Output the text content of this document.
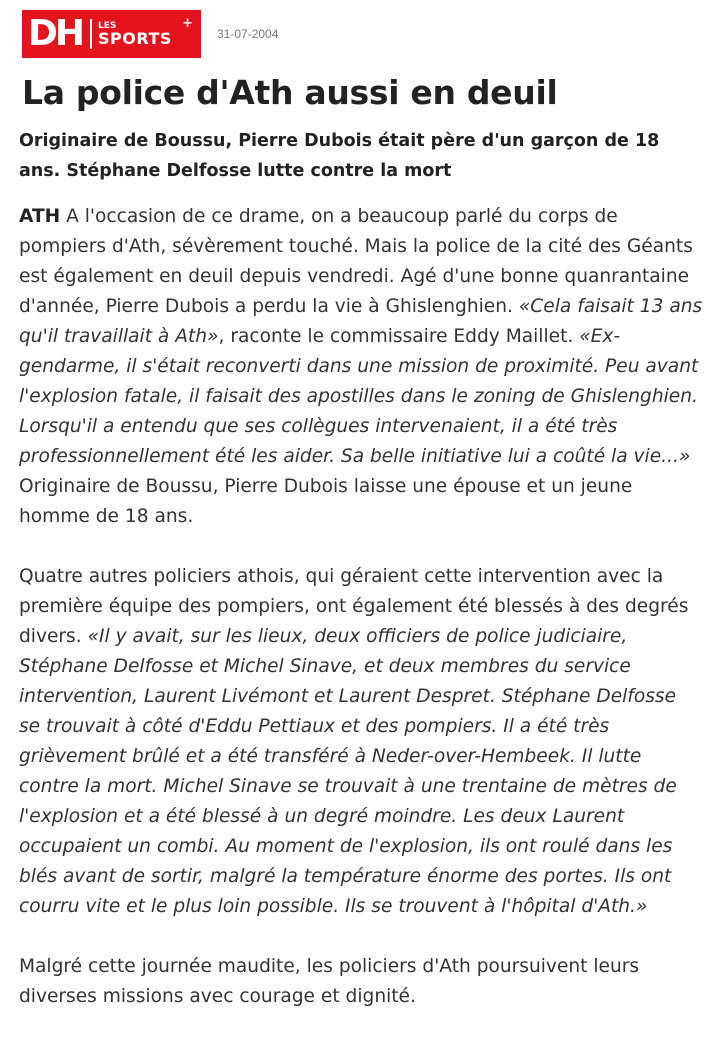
DH LES
SPORTS
+
31-07-2004
La police d'Ath aussi en deuil

Originaire de Boussu, Pierre Dubois était père d'un garçon de 18 ans. Stéphane Delfosse lutte contre la mort

ATH A l'occasion de ce drame, on a beaucoup parlé du corps de pompiers d'Ath, sévèrement touché. Mais la police de la cité des Géants est également en deuil depuis vendredi. Agé d'une bonne quanrantaine d'année, Pierre Dubois a perdu la vie à Ghislenghien. «Cela faisait 13 ans qu'il travaillait à Ath», raconte le commissaire Eddy Maillet. «Ex-gendarme, il s'était reconverti dans une mission de proximité. Peu avant l'explosion fatale, il faisait des apostilles dans le zoning de Ghislenghien. Lorsqu'il a entendu que ses collègues intervenaient, il a été très professionnellement été les aider. Sa belle initiative lui a coûté la vie...» Originaire de Boussu, Pierre Dubois laisse une épouse et un jeune homme de 18 ans.

Quatre autres policiers athois, qui géraient cette intervention avec la première équipe des pompiers, ont également été blessés à des degrés divers. «Il y avait, sur les lieux, deux officiers de police judiciaire, Stéphane Delfosse et Michel Sinave, et deux membres du service intervention, Laurent Livémont et Laurent Despret. Stéphane Delfosse se trouvait à côté d'Eddu Pettiaux et des pompiers. Il a été très grièvement brûlé et a été transféré à Neder-over-Hembeek. Il lutte contre la mort. Michel Sinave se trouvait à une trentaine de mètres de l'explosion et a été blessé à un degré moindre. Les deux Laurent occupaient un combi. Au moment de l'explosion, ils ont roulé dans les blés avant de sortir, malgré la température énorme des portes. Ils ont courru vite et le plus loin possible. Ils se trouvent à l'hôpital d'Ath.»

Malgré cette journée maudite, les policiers d'Ath poursuivent leurs diverses missions avec courage et dignité.
